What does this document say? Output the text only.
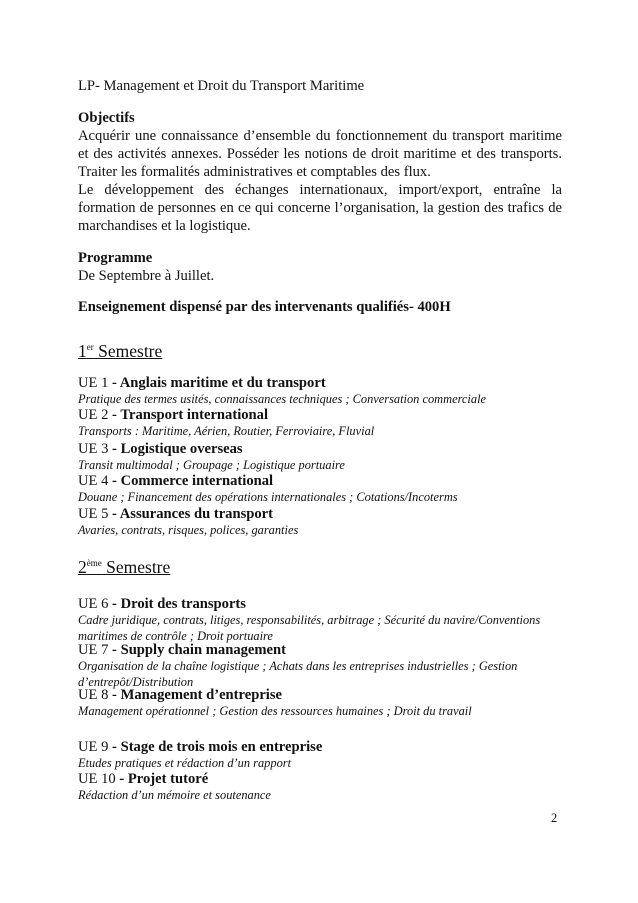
LP- Management et Droit du Transport Maritime

Objectifs

Acquérir une connaissance d’ensemble du fonctionnement du transport maritime et des activités annexes. Posséder les notions de droit maritime et des transports. Traiter les formalités administratives et comptables des flux.

Le développement des échanges internationaux, import/export, entraîne la formation de personnes en ce qui concerne l’organisation, la gestion des trafics de marchandises et la logistique.

Programme

De Septembre à Juillet.

Enseignement dispensé par des intervenants qualifiés- 400H

1er Semestre

UE 1 - Anglais maritime et du transport

Pratique des termes usités, connaissances techniques ; Conversation commerciale

UE 2 - Transport international

Transports : Maritime, Aérien, Routier, Ferroviaire, Fluvial

UE 3 - Logistique overseas

Transit multimodal ; Groupage ; Logistique portuaire

UE 4 - Commerce international

Douane ; Financement des opérations internationales ; Cotations/Incoterms

UE 5 - Assurances du transport

Avaries, contrats, risques, polices, garanties

2ème Semestre

UE 6 - Droit des transports

Cadre juridique, contrats, litiges, responsabilités, arbitrage ; Sécurité du navire/Conventions maritimes de contrôle ; Droit portuaire

UE 7 - Supply chain management

Organisation de la chaîne logistique ; Achats dans les entreprises industrielles ; Gestion d’entrepôt/Distribution

UE 8 - Management d’entreprise

Management opérationnel ; Gestion des ressources humaines ; Droit du travail

UE 9 - Stage de trois mois en entreprise

Etudes pratiques et rédaction d’un rapport

UE 10 - Projet tutoré

Rédaction d’un mémoire et soutenance

2
